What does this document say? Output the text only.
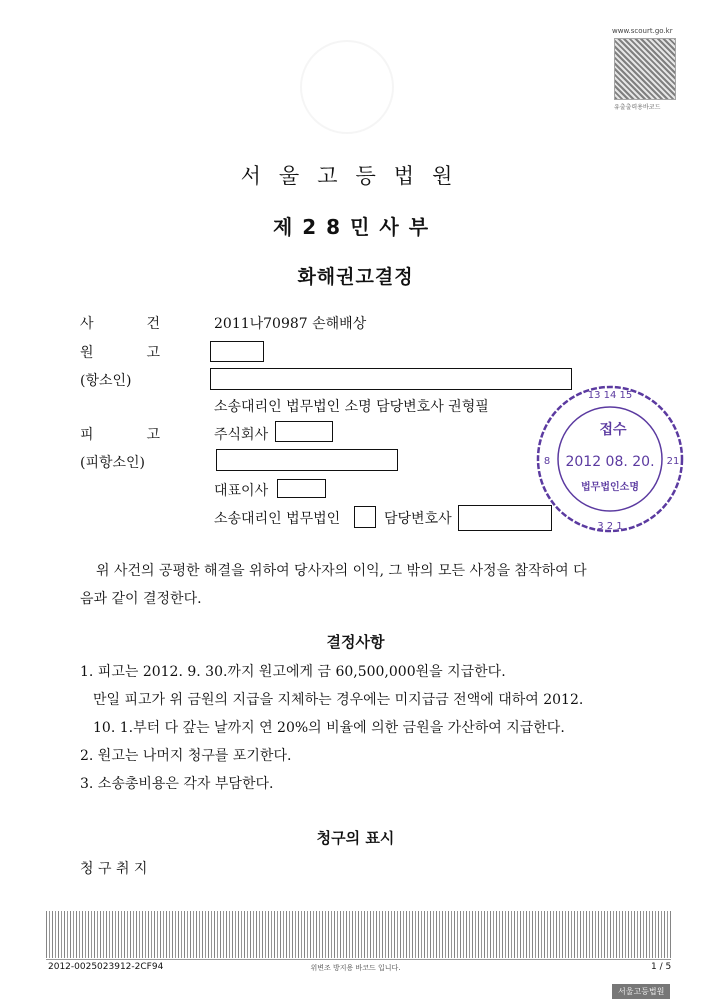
www.scourt.go.kr
유출출력용바코드
서울고등법원
제28민사부
화해권고결정
사	건	2011나70987 손해배상
원	고
(항소인)
소송대리인 법무법인 소명 담당변호사 권형필
피	고	주식회사
(피항소인)
대표이사
소송대리인 법무법인	담당변호사
13 14 15
8	21
3 2 1
접수
2012 08. 20.
법무법인소명
위 사건의 공평한 해결을 위하여 당사자의 이익, 그 밖의 모든 사정을 참작하여 다
음과 같이 결정한다.
결정사항
1. 피고는 2012. 9. 30.까지 원고에게 금 60,500,000원을 지급한다.
만일 피고가 위 금원의 지급을 지체하는 경우에는 미지급금 전액에 대하여 2012.
10. 1.부터 다 갚는 날까지 연 20%의 비율에 의한 금원을 가산하여 지급한다.
2. 원고는 나머지 청구를 포기한다.
3. 소송총비용은 각자 부담한다.
청구의 표시
청 구 취 지
2012-0025023912-2CF94	위변조 방지용 바코드 입니다.	1 / 5
서울고등법원
